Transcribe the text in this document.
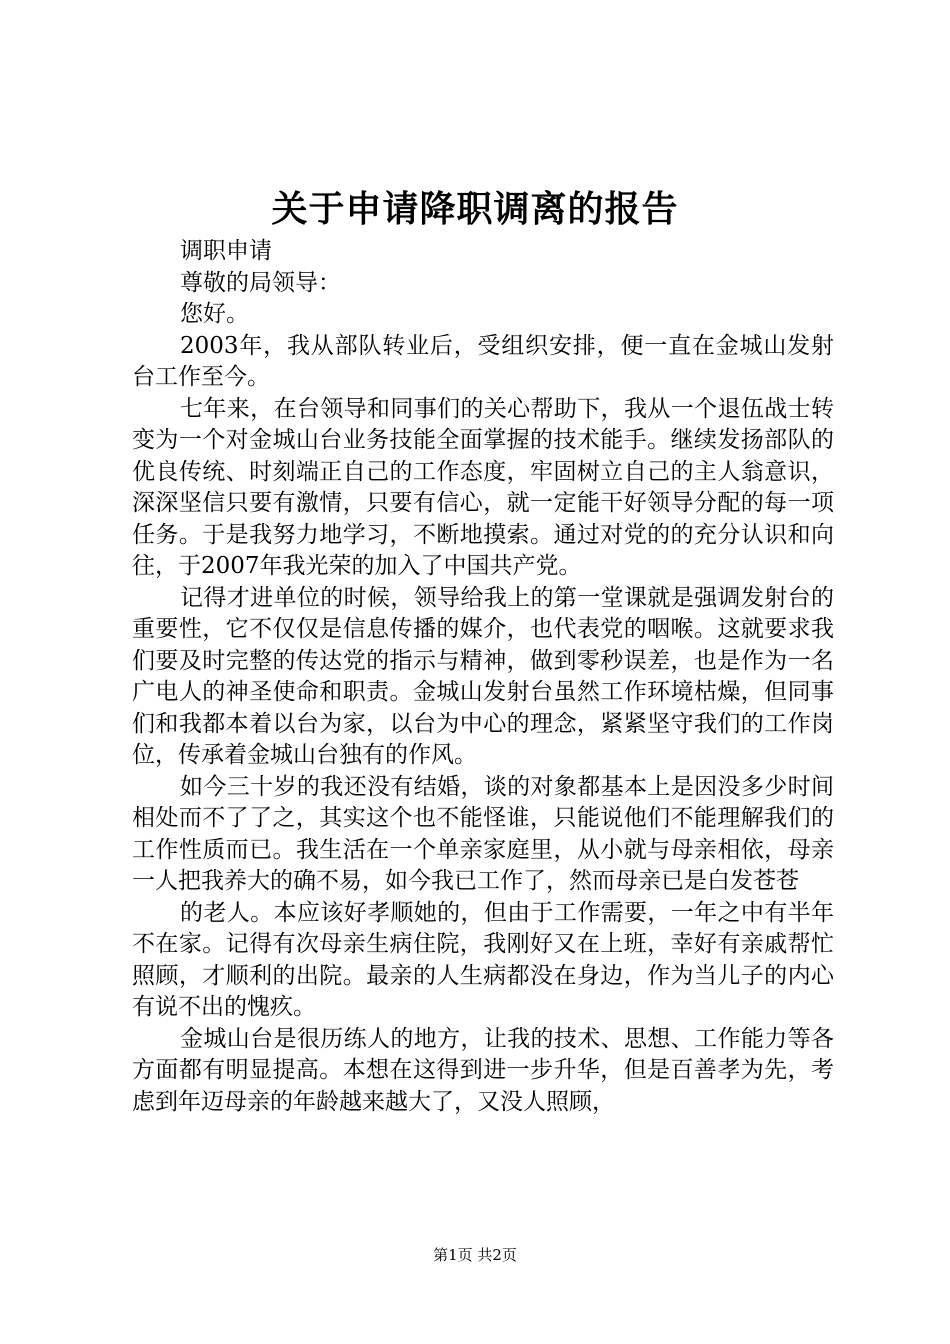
关于申请降职调离的报告

调职申请

尊敬的局领导：

您好。

2003年，我从部队转业后，受组织安排，便一直在金城山发射台工作至今。

七年来，在台领导和同事们的关心帮助下，我从一个退伍战士转变为一个对金城山台业务技能全面掌握的技术能手。继续发扬部队的优良传统、时刻端正自己的工作态度，牢固树立自己的主人翁意识，深深坚信只要有激情，只要有信心，就一定能干好领导分配的每一项任务。于是我努力地学习，不断地摸索。通过对党的的充分认识和向往，于2007年我光荣的加入了中国共产党。

记得才进单位的时候，领导给我上的第一堂课就是强调发射台的重要性，它不仅仅是信息传播的媒介，也代表党的咽喉。这就要求我们要及时完整的传达党的指示与精神，做到零秒误差，也是作为一名广电人的神圣使命和职责。金城山发射台虽然工作环境枯燥，但同事们和我都本着以台为家，以台为中心的理念，紧紧坚守我们的工作岗位，传承着金城山台独有的作风。

如今三十岁的我还没有结婚，谈的对象都基本上是因没多少时间相处而不了了之，其实这个也不能怪谁，只能说他们不能理解我们的工作性质而已。我生活在一个单亲家庭里，从小就与母亲相依，母亲一人把我养大的确不易，如今我已工作了，然而母亲已是白发苍苍

的老人。本应该好孝顺她的，但由于工作需要，一年之中有半年不在家。记得有次母亲生病住院，我刚好又在上班，幸好有亲戚帮忙照顾，才顺利的出院。最亲的人生病都没在身边，作为当儿子的内心有说不出的愧疚。

金城山台是很历练人的地方，让我的技术、思想、工作能力等各方面都有明显提高。本想在这得到进一步升华，但是百善孝为先，考虑到年迈母亲的年龄越来越大了，又没人照顾，

第1页 共2页
